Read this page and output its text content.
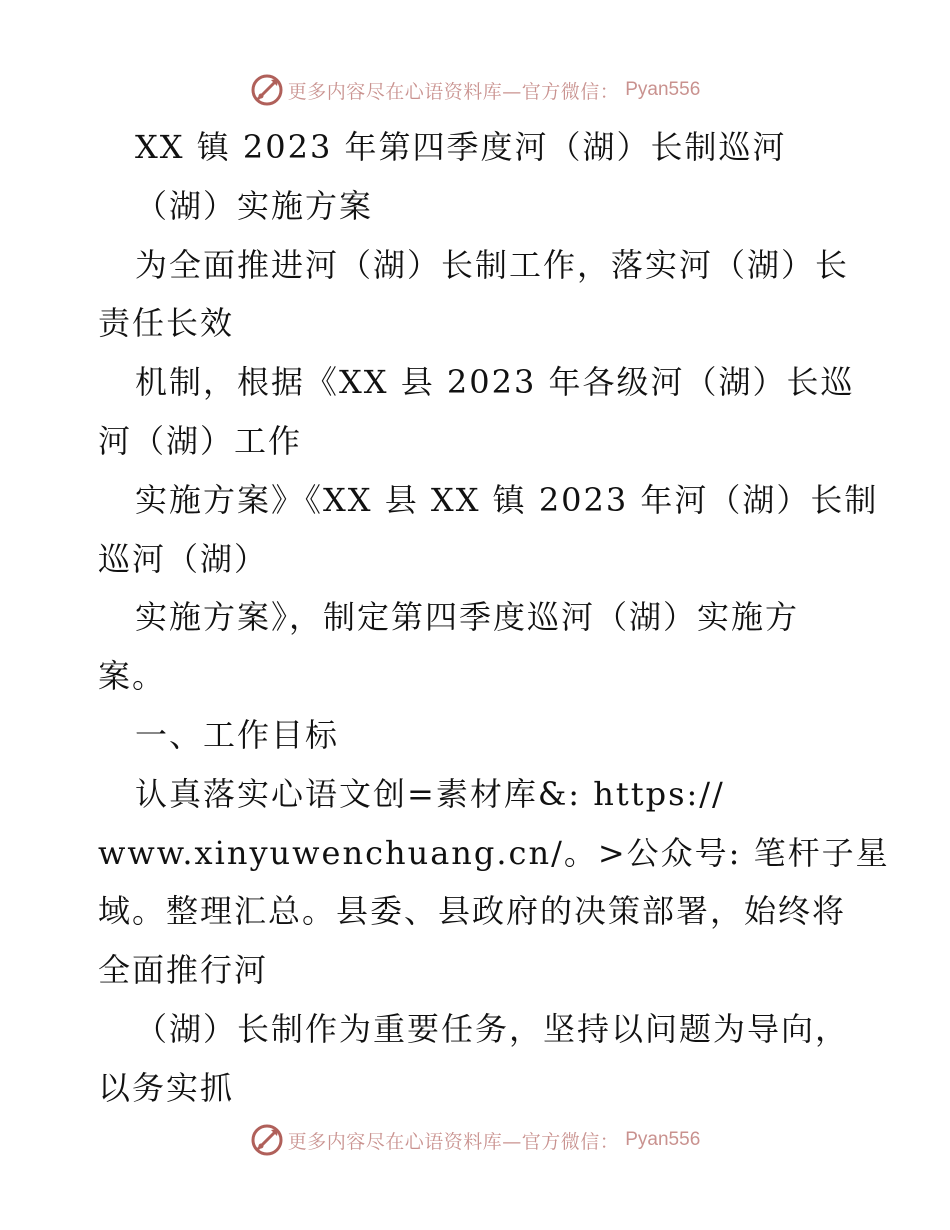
更多内容尽在心语资料库—官方微信： Pyan556
XX 镇 2023 年第四季度河（湖）长制巡河
（湖）实施方案
为全面推进河（湖）长制工作，落实河（湖）长
责任长效
机制，根据《XX 县 2023 年各级河（湖）长巡
河（湖）工作
实施方案》《XX 县 XX 镇 2023 年河（湖）长制
巡河（湖）
实施方案》，制定第四季度巡河（湖）实施方
案。
一、工作目标
认真落实心语文创=素材库&: https://
www.xinyuwenchuang.cn/。>公众号: 笔杆子星
域。整理汇总。县委、县政府的决策部署，始终将
全面推行河
（湖）长制作为重要任务，坚持以问题为导向，
以务实抓
更多内容尽在心语资料库—官方微信： Pyan556
